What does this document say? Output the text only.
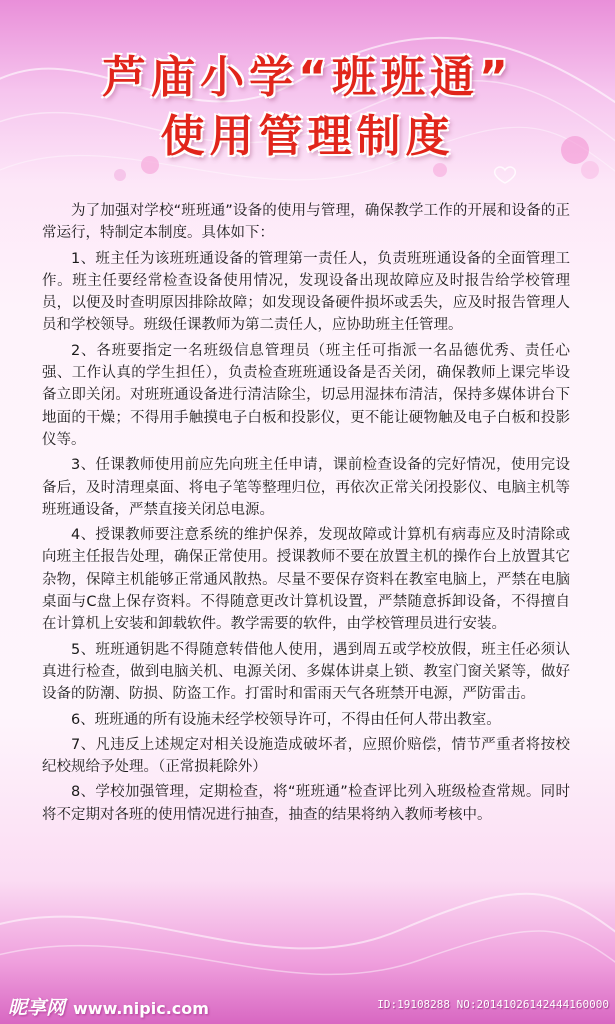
芦庙小学“班班通”
使用管理制度

为了加强对学校“班班通”设备的使用与管理，确保教学工作的开展和设备的正常运行，特制定本制度。具体如下：

1、班主任为该班班通设备的管理第一责任人，负责班班通设备的全面管理工作。班主任要经常检查设备使用情况，发现设备出现故障应及时报告给学校管理员，以便及时查明原因排除故障；如发现设备硬件损坏或丢失，应及时报告管理人员和学校领导。班级任课教师为第二责任人，应协助班主任管理。

2、各班要指定一名班级信息管理员（班主任可指派一名品德优秀、责任心强、工作认真的学生担任），负责检查班班通设备是否关闭，确保教师上课完毕设备立即关闭。对班班通设备进行清洁除尘，切忌用湿抹布清洁，保持多媒体讲台下地面的干燥；不得用手触摸电子白板和投影仪，更不能让硬物触及电子白板和投影仪等。

3、任课教师使用前应先向班主任申请，课前检查设备的完好情况，使用完设备后，及时清理桌面、将电子笔等整理归位，再依次正常关闭投影仪、电脑主机等班班通设备，严禁直接关闭总电源。

4、授课教师要注意系统的维护保养，发现故障或计算机有病毒应及时清除或向班主任报告处理，确保正常使用。授课教师不要在放置主机的操作台上放置其它杂物，保障主机能够正常通风散热。尽量不要保存资料在教室电脑上，严禁在电脑桌面与C盘上保存资料。不得随意更改计算机设置，严禁随意拆卸设备，不得擅自在计算机上安装和卸载软件。教学需要的软件，由学校管理员进行安装。

5、班班通钥匙不得随意转借他人使用，遇到周五或学校放假，班主任必须认真进行检查，做到电脑关机、电源关闭、多媒体讲桌上锁、教室门窗关紧等，做好设备的防潮、防损、防盗工作。打雷时和雷雨天气各班禁开电源，严防雷击。

6、班班通的所有设施未经学校领导许可，不得由任何人带出教室。

7、凡违反上述规定对相关设施造成破坏者，应照价赔偿，情节严重者将按校纪校规给予处理。（正常损耗除外）

8、学校加强管理，定期检查，将“班班通”检查评比列入班级检查常规。同时将不定期对各班的使用情况进行抽查，抽查的结果将纳入教师考核中。

昵享网 www.nipic.com	ID:19108288 NO:20141026142444160000
